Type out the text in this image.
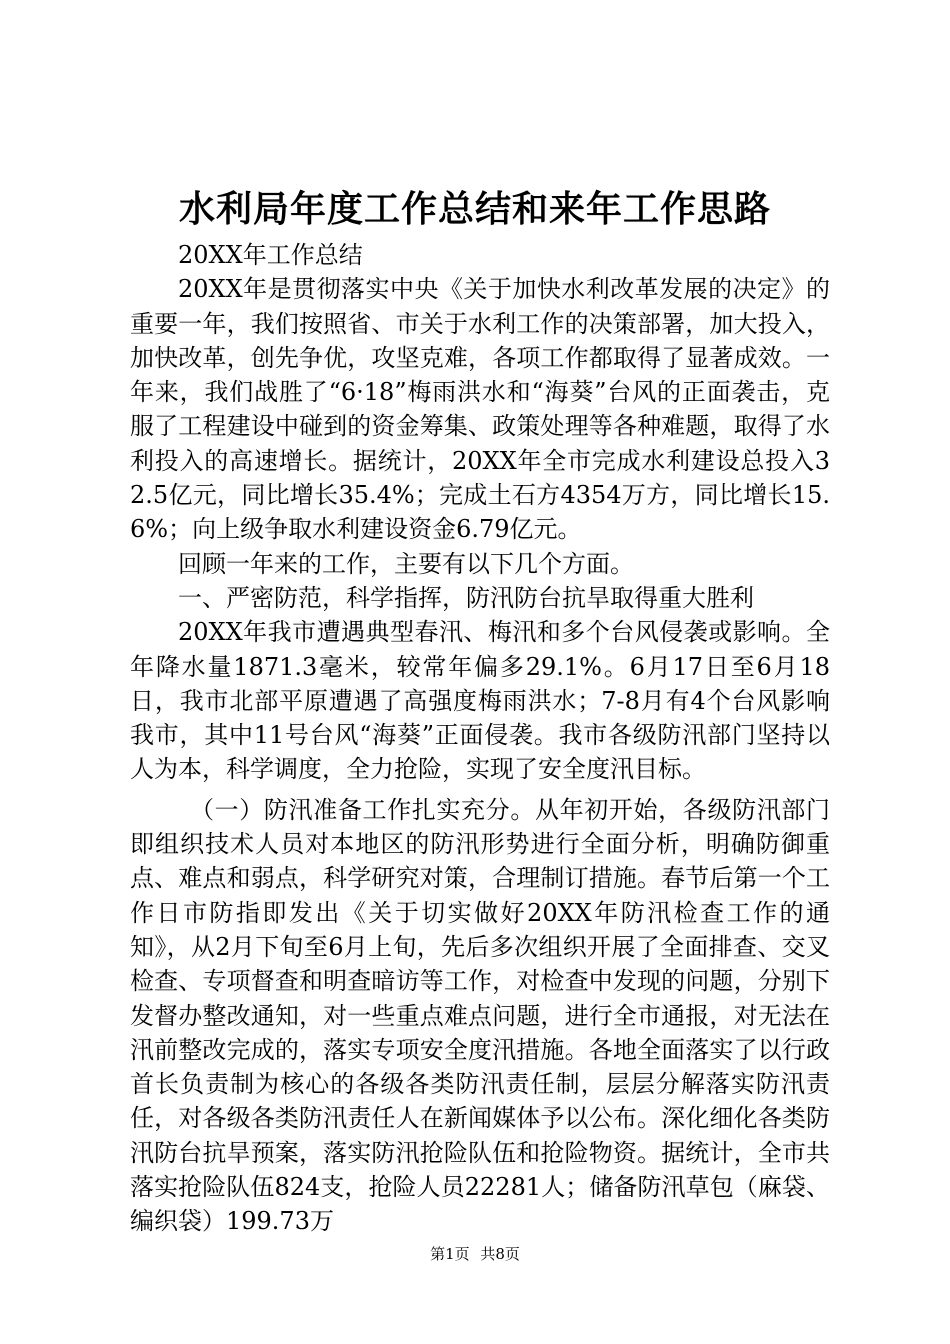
水利局年度工作总结和来年工作思路

20XX年工作总结

20XX年是贯彻落实中央《关于加快水利改革发展的决定》的重要一年，我们按照省、市关于水利工作的决策部署，加大投入，加快改革，创先争优，攻坚克难，各项工作都取得了显著成效。一年来，我们战胜了“6·18”梅雨洪水和“海葵”台风的正面袭击，克服了工程建设中碰到的资金筹集、政策处理等各种难题，取得了水利投入的高速增长。据统计，20XX年全市完成水利建设总投入32.5亿元，同比增长35.4%；完成土石方4354万方，同比增长15.6%；向上级争取水利建设资金6.79亿元。

回顾一年来的工作，主要有以下几个方面。

一、严密防范，科学指挥，防汛防台抗旱取得重大胜利

20XX年我市遭遇典型春汛、梅汛和多个台风侵袭或影响。全年降水量1871.3毫米，较常年偏多29.1%。6月17日至6月18日，我市北部平原遭遇了高强度梅雨洪水；7-8月有4个台风影响我市，其中11号台风“海葵”正面侵袭。我市各级防汛部门坚持以人为本，科学调度，全力抢险，实现了安全度汛目标。

（一）防汛准备工作扎实充分。从年初开始，各级防汛部门即组织技术人员对本地区的防汛形势进行全面分析，明确防御重点、难点和弱点，科学研究对策，合理制订措施。春节后第一个工作日市防指即发出《关于切实做好20XX年防汛检查工作的通知》，从2月下旬至6月上旬，先后多次组织开展了全面排查、交叉检查、专项督查和明查暗访等工作，对检查中发现的问题，分别下发督办整改通知，对一些重点难点问题，进行全市通报，对无法在汛前整改完成的，落实专项安全度汛措施。各地全面落实了以行政首长负责制为核心的各级各类防汛责任制，层层分解落实防汛责任，对各级各类防汛责任人在新闻媒体予以公布。深化细化各类防汛防台抗旱预案，落实防汛抢险队伍和抢险物资。据统计，全市共落实抢险队伍824支，抢险人员22281人；储备防汛草包（麻袋、编织袋）199.73万

第1页 共8页
